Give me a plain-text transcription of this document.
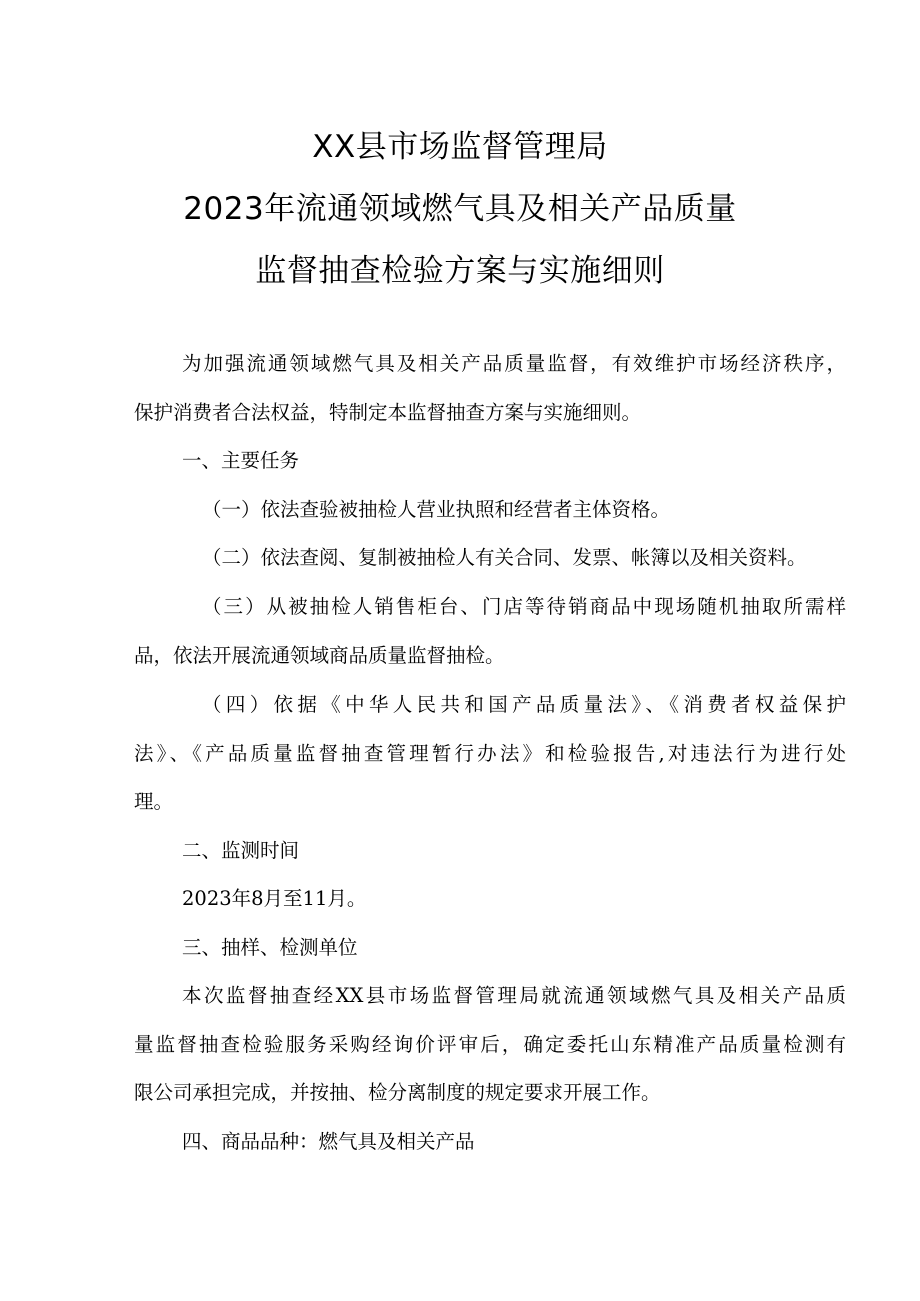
XX县市场监督管理局
2023年流通领域燃气具及相关产品质量
监督抽查检验方案与实施细则
为加强流通领域燃气具及相关产品质量监督，有效维护市场经济秩序，
保护消费者合法权益，特制定本监督抽查方案与实施细则。
一、主要任务
（一）依法查验被抽检人营业执照和经营者主体资格。
（二）依法查阅、复制被抽检人有关合同、发票、帐簿以及相关资料。
（三）从被抽检人销售柜台、门店等待销商品中现场随机抽取所需样
品，依法开展流通领域商品质量监督抽检。
（四）依据《中华人民共和国产品质量法》、《消费者权益保护
法》、《产品质量监督抽查管理暂行办法》和检验报告,对违法行为进行处
理。
二、监测时间
2023年8月至11月。
三、抽样、检测单位
本次监督抽查经XX县市场监督管理局就流通领域燃气具及相关产品质
量监督抽查检验服务采购经询价评审后，确定委托山东精准产品质量检测有
限公司承担完成，并按抽、检分离制度的规定要求开展工作。
四、商品品种：燃气具及相关产品
